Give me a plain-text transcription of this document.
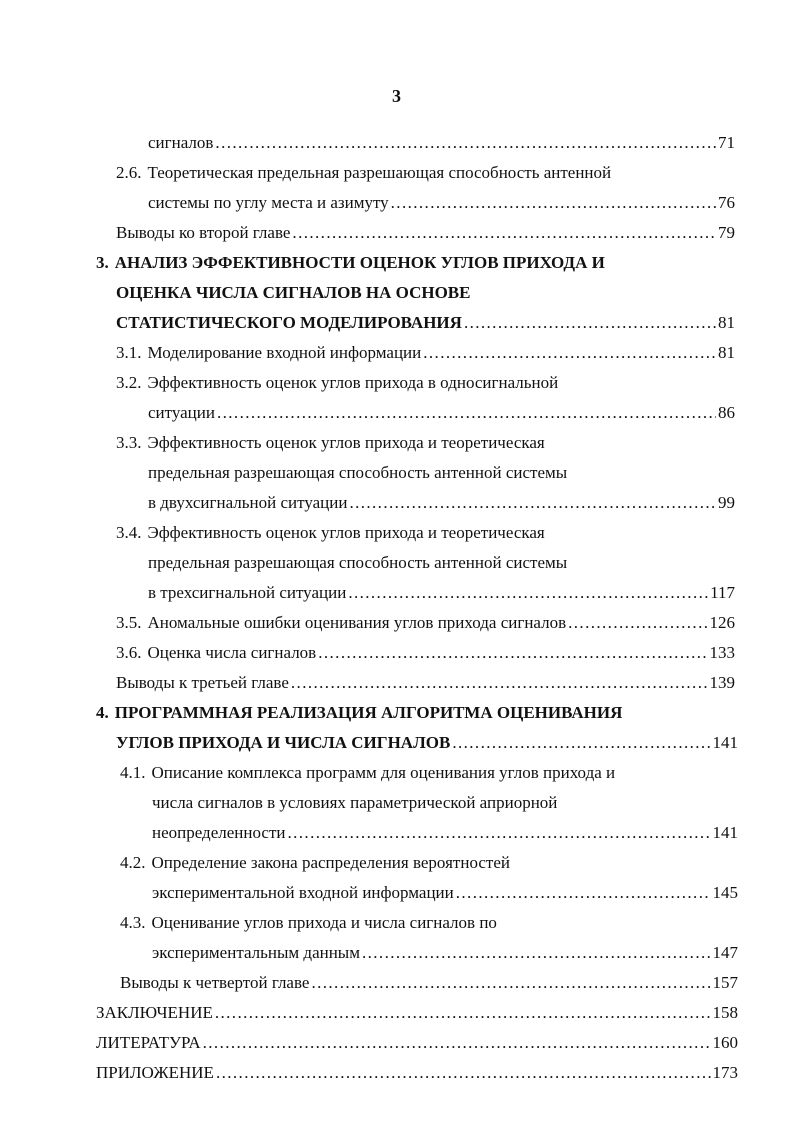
3
сигналов .....	71
2.6. Теоретическая предельная разрешающая способность антенной
системы по углу места и азимуту .....	76
Выводы ко второй главе .....	79
3. АНАЛИЗ ЭФФЕКТИВНОСТИ ОЦЕНОК УГЛОВ ПРИХОДА И
ОЦЕНКА ЧИСЛА СИГНАЛОВ НА ОСНОВЕ
СТАТИСТИЧЕСКОГО МОДЕЛИРОВАНИЯ .....	81
3.1. Моделирование входной информации .....	81
3.2. Эффективность оценок углов прихода в односигнальной
ситуации .....	86
3.3. Эффективность оценок углов прихода и теоретическая
предельная разрешающая способность антенной системы
в двухсигнальной ситуации .....	99
3.4. Эффективность оценок углов прихода и теоретическая
предельная разрешающая способность антенной системы
в трехсигнальной ситуации .....	117
3.5. Аномальные ошибки оценивания углов прихода сигналов .....	126
3.6. Оценка числа сигналов .....	133
Выводы к третьей главе .....	139
4. ПРОГРАММНАЯ РЕАЛИЗАЦИЯ АЛГОРИТМА ОЦЕНИВАНИЯ
УГЛОВ ПРИХОДА И ЧИСЛА СИГНАЛОВ .....	141
4.1. Описание комплекса программ для оценивания углов прихода и
числа сигналов в условиях параметрической априорной
неопределенности .....	141
4.2. Определение закона распределения вероятностей
экспериментальной входной информации .....	145
4.3. Оценивание углов прихода и числа сигналов по
экспериментальным данным .....	147
Выводы к четвертой главе .....	157
ЗАКЛЮЧЕНИЕ .....	158
ЛИТЕРАТУРА .....	160
ПРИЛОЖЕНИЕ .....	173
